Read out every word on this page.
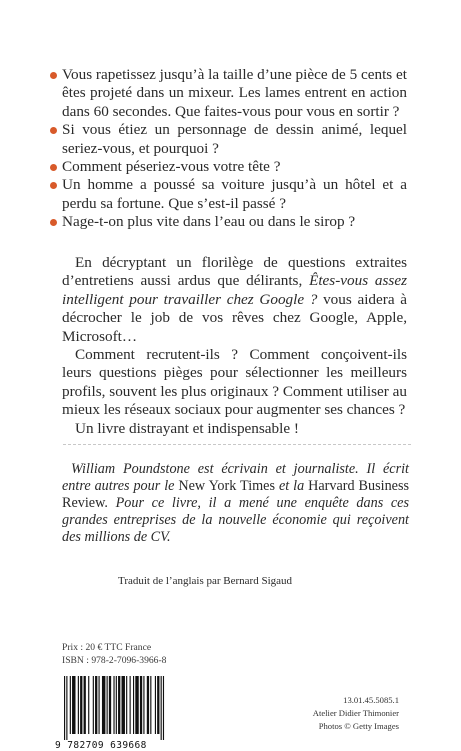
Vous rapetissez jusqu’à la taille d’une pièce de 5 cents et êtes projeté dans un mixeur. Les lames entrent en action dans 60 secondes. Que faites-vous pour vous en sortir ?
Si vous étiez un personnage de dessin animé, lequel seriez-vous, et pourquoi ?
Comment péseriez-vous votre tête ?
Un homme a poussé sa voiture jusqu’à un hôtel et a perdu sa fortune. Que s’est-il passé ?
Nage-t-on plus vite dans l’eau ou dans le sirop ?

En décryptant un florilège de questions extraites d’entretiens aussi ardus que délirants, Êtes-vous assez intelligent pour travailler chez Google ? vous aidera à décrocher le job de vos rêves chez Google, Apple, Microsoft…

Comment recrutent-ils ? Comment conçoivent-ils leurs questions pièges pour sélectionner les meilleurs profils, souvent les plus originaux ? Comment utiliser au mieux les réseaux sociaux pour augmenter ses chances ?

Un livre distrayant et indispensable !

William Poundstone est écrivain et journaliste. Il écrit entre autres pour le New York Times et la Harvard Business Review. Pour ce livre, il a mené une enquête dans ces grandes entreprises de la nouvelle économie qui reçoivent des millions de CV.
Traduit de l’anglais par Bernard Sigaud
Prix : 20 € TTC France
ISBN : 978-2-7096-3966-8
9 782709 639668
13.01.45.5085.1
Atelier Didier Thimonier
Photos © Getty Images
